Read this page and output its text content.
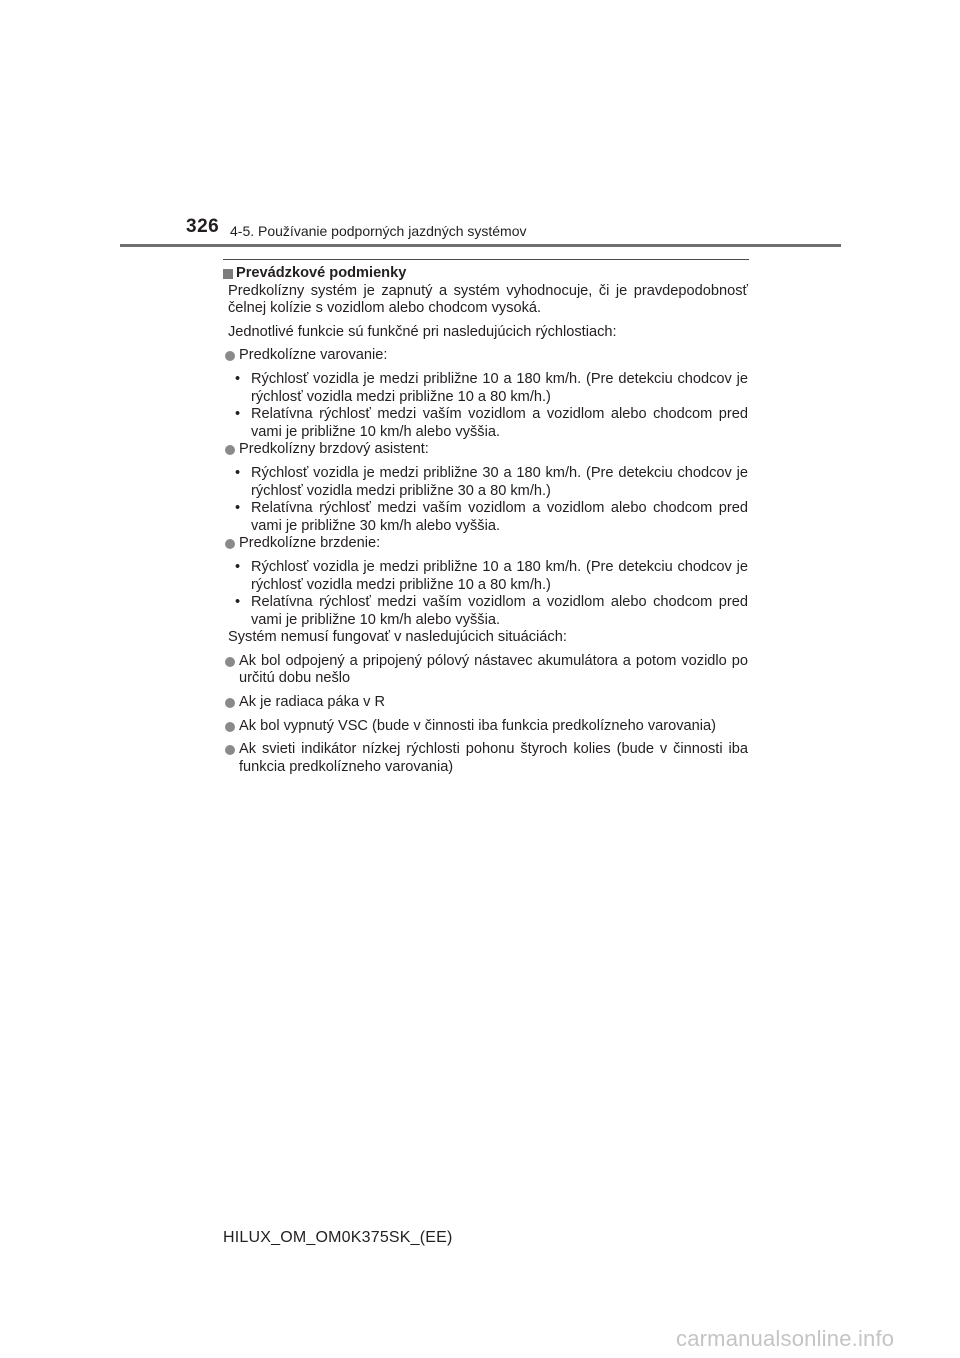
326 4-5. Používanie podporných jazdných systémov
Prevádzkové podmienky
Predkolízny systém je zapnutý a systém vyhodnocuje, či je pravdepodobnosť čelnej kolízie s vozidlom alebo chodcom vysoká.
Jednotlivé funkcie sú funkčné pri nasledujúcich rýchlostiach:
Predkolízne varovanie:
• Rýchlosť vozidla je medzi približne 10 a 180 km/h. (Pre detekciu chodcov je rýchlosť vozidla medzi približne 10 a 80 km/h.)
• Relatívna rýchlosť medzi vaším vozidlom a vozidlom alebo chodcom pred vami je približne 10 km/h alebo vyššia.
Predkolízny brzdový asistent:
• Rýchlosť vozidla je medzi približne 30 a 180 km/h. (Pre detekciu chodcov je rýchlosť vozidla medzi približne 30 a 80 km/h.)
• Relatívna rýchlosť medzi vaším vozidlom a vozidlom alebo chodcom pred vami je približne 30 km/h alebo vyššia.
Predkolízne brzdenie:
• Rýchlosť vozidla je medzi približne 10 a 180 km/h. (Pre detekciu chodcov je rýchlosť vozidla medzi približne 10 a 80 km/h.)
• Relatívna rýchlosť medzi vaším vozidlom a vozidlom alebo chodcom pred vami je približne 10 km/h alebo vyššia.
Systém nemusí fungovať v nasledujúcich situáciách:
Ak bol odpojený a pripojený pólový nástavec akumulátora a potom vozidlo po určitú dobu nešlo
Ak je radiaca páka v R
Ak bol vypnutý VSC (bude v činnosti iba funkcia predkolízneho varovania)
Ak svieti indikátor nízkej rýchlosti pohonu štyroch kolies (bude v činnosti iba funkcia predkolízneho varovania)
HILUX_OM_OM0K375SK_(EE)
carmanualsonline.info
